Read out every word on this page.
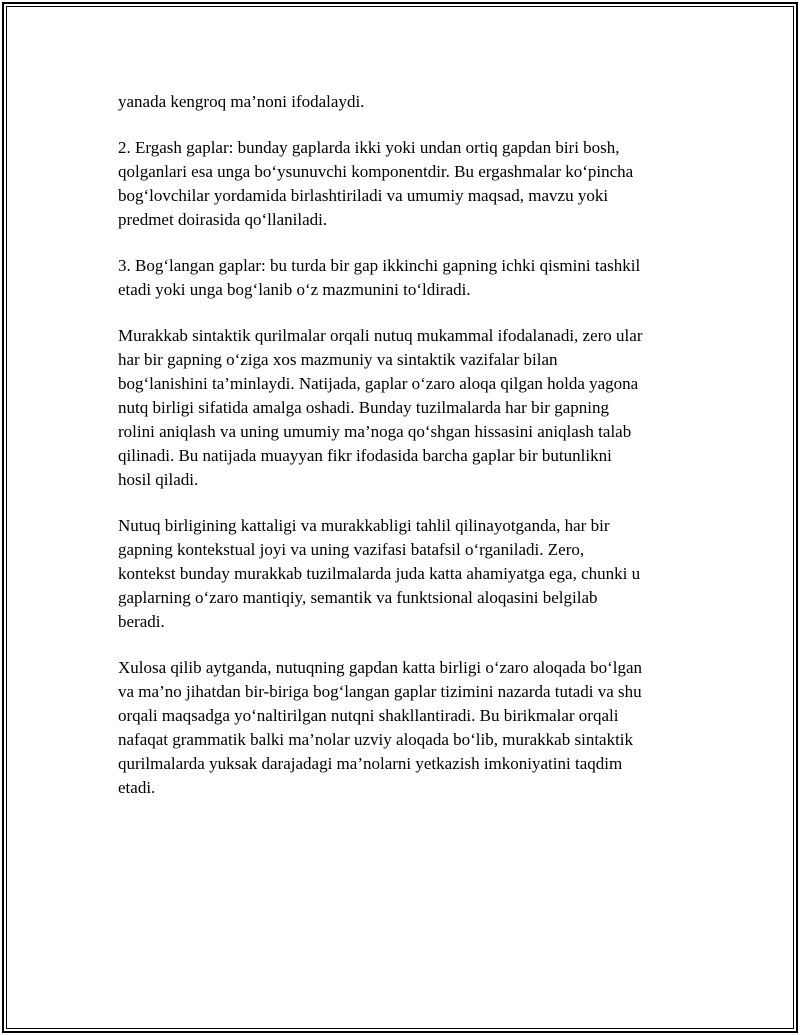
yanada kengroq ma’noni ifodalaydi.

2. Ergash gaplar: bunday gaplarda ikki yoki undan ortiq gapdan biri bosh,
qolganlari esa unga bo‘ysunuvchi komponentdir. Bu ergashmalar ko‘pincha
bog‘lovchilar yordamida birlashtiriladi va umumiy maqsad, mavzu yoki
predmet doirasida qo‘llaniladi.

3. Bog‘langan gaplar: bu turda bir gap ikkinchi gapning ichki qismini tashkil
etadi yoki unga bog‘lanib o‘z mazmunini to‘ldiradi.

Murakkab sintaktik qurilmalar orqali nutuq mukammal ifodalanadi, zero ular
har bir gapning o‘ziga xos mazmuniy va sintaktik vazifalar bilan
bog‘lanishini ta’minlaydi. Natijada, gaplar o‘zaro aloqa qilgan holda yagona
nutq birligi sifatida amalga oshadi. Bunday tuzilmalarda har bir gapning
rolini aniqlash va uning umumiy ma’noga qo‘shgan hissasini aniqlash talab
qilinadi. Bu natijada muayyan fikr ifodasida barcha gaplar bir butunlikni
hosil qiladi.

Nutuq birligining kattaligi va murakkabligi tahlil qilinayotganda, har bir
gapning kontekstual joyi va uning vazifasi batafsil o‘rganiladi. Zero,
kontekst bunday murakkab tuzilmalarda juda katta ahamiyatga ega, chunki u
gaplarning o‘zaro mantiqiy, semantik va funktsional aloqasini belgilab
beradi.

Xulosa qilib aytganda, nutuqning gapdan katta birligi o‘zaro aloqada bo‘lgan
va ma’no jihatdan bir-biriga bog‘langan gaplar tizimini nazarda tutadi va shu
orqali maqsadga yo‘naltirilgan nutqni shakllantiradi. Bu birikmalar orqali
nafaqat grammatik balki ma’nolar uzviy aloqada bo‘lib, murakkab sintaktik
qurilmalarda yuksak darajadagi ma’nolarni yetkazish imkoniyatini taqdim
etadi.
